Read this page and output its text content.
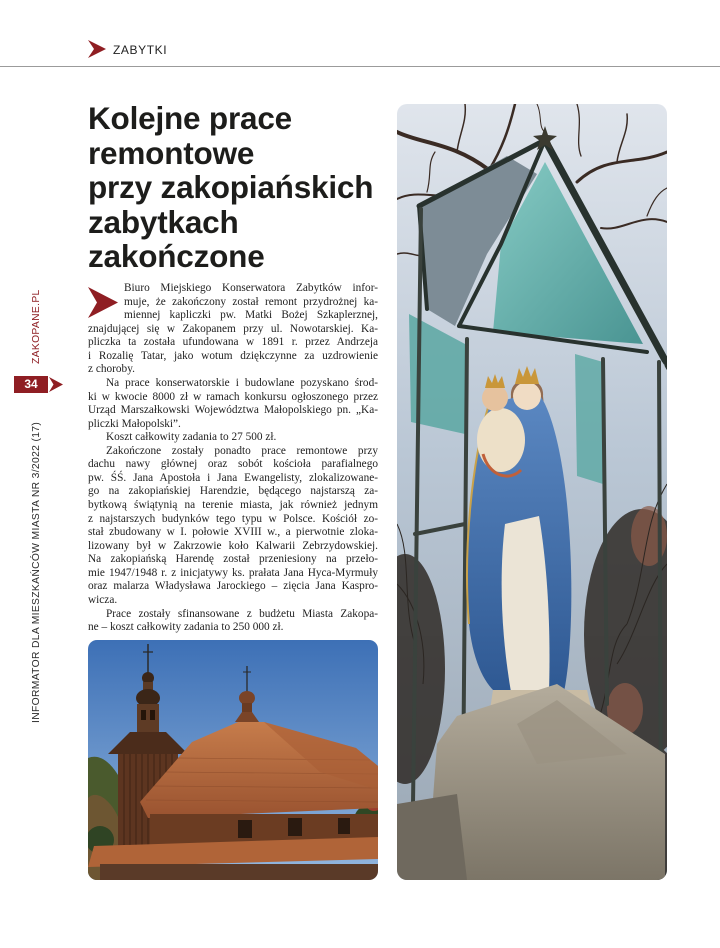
ZABYTKI
ZAKOPANE.PL
34
INFORMATOR DLA MIESZKAŃCÓW MIASTA NR 3/2022 (17)
Kolejne prace
remontowe
przy zakopiańskich
zabytkach
zakończone
Biuro Miejskiego Konserwatora Zabytków infor-
muje, że zakończony został remont przydrożnej ka-
miennej kapliczki pw. Matki Bożej Szkaplerznej,
znajdującej się w Zakopanem przy ul. Nowotarskiej. Ka-
pliczka ta została ufundowana w 1891 r. przez Andrzeja
i Rozalię Tatar, jako wotum dziękczynne za uzdrowienie
z choroby.
Na prace konserwatorskie i budowlane pozyskano środ-
ki w kwocie 8000 zł w ramach konkursu ogłoszonego przez
Urząd Marszałkowski Województwa Małopolskiego pn. „Ka-
pliczki Małopolski”.
Koszt całkowity zadania to 27 500 zł.
Zakończone zostały ponadto prace remontowe przy
dachu nawy głównej oraz sobót kościoła parafialnego
pw. ŚŚ. Jana Apostoła i Jana Ewangelisty, zlokalizowane-
go na zakopiańskiej Harendzie, będącego najstarszą za-
bytkową świątynią na terenie miasta, jak również jednym
z najstarszych budynków tego typu w Polsce. Kościół zo-
stał zbudowany w I. połowie XVIII w., a pierwotnie zloka-
lizowany był w Zakrzowie koło Kalwarii Zebrzydowskiej.
Na zakopiańską Harendę został przeniesiony na przeło-
mie 1947/1948 r. z inicjatywy ks. prałata Jana Hyca-Myrmuły
oraz malarza Władysława Jarockiego – zięcia Jana Kaspro-
wicza.
Prace zostały sfinansowane z budżetu Miasta Zakopa-
ne – koszt całkowity zadania to 250 000 zł.
